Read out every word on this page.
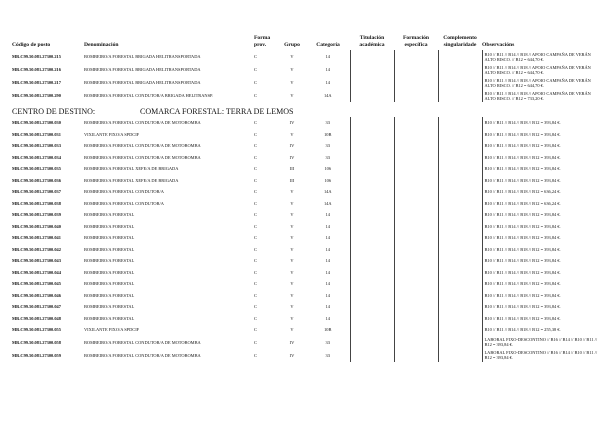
Código de posto	Denominación	Forma prov.	Grupo	Categoría	Titulación académica	Formación específica	Complemento singularidade	Observacións
MR.C99.50.081.27300.215	BOMBEIRO/A FORESTAL BRIGADA HELITRANSPORTADA	C	V	14				B10 // B11 // B14 // B18 // APOIO CAMPAÑA DE VERÁN ALTO RISCO. // B12 = 644,70 €.
MR.C99.50.081.27300.216	BOMBEIRO/A FORESTAL BRIGADA HELITRANSPORTADA	C	V	14				B10 // B11 // B14 // B18 // APOIO CAMPAÑA DE VERÁN ALTO RISCO. // B12 = 644,70 €.
MR.C99.50.081.27300.217	BOMBEIRO/A FORESTAL BRIGADA HELITRANSPORTADA	C	V	14				B10 // B11 // B14 // B18 // APOIO CAMPAÑA DE VERÁN ALTO RISCO. // B12 = 644,70 €.
MR.C99.50.081.27300.290	BOMBEIRO/A FORESTAL CONDUTOR/A BRIGADA HELITRANSP.	C	V	14A				B10 // B11 // B14 // B18 // APOIO CAMPAÑA DE VERÁN ALTO RISCO. // B12 = 733,20 €.
CENTRO DE DESTINO: COMARCA FORESTAL: TERRA DE LEMOS								
MR.C99.50.081.27300.030	BOMBEIRO/A FORESTAL CONDUTOR/A DE MOTOBOMBA	C	IV	33				B10 // B11 // B14 // B18 // B12 = 393,84 €.
MR.C99.50.081.27300.031	VIXILANTE FIXO/A SPDCIF	C	V	10B				B10 // B11 // B14 // B18 // B12 = 393,84 €.
MR.C99.50.081.27300.033	BOMBEIRO/A FORESTAL CONDUTOR/A DE MOTOBOMBA	C	IV	33				B10 // B11 // B14 // B18 // B12 = 393,84 €.
MR.C99.50.081.27300.034	BOMBEIRO/A FORESTAL CONDUTOR/A DE MOTOBOMBA	C	IV	33				B10 // B11 // B14 // B18 // B12 = 393,84 €.
MR.C99.50.081.27300.035	BOMBEIRO/A FORESTAL XEFE/A DE BRIGADA	C	III	106				B10 // B11 // B14 // B18 // B12 = 393,84 €.
MR.C99.50.081.27300.036	BOMBEIRO/A FORESTAL XEFE/A DE BRIGADA	C	III	106				B10 // B11 // B14 // B18 // B12 = 393,84 €.
MR.C99.50.081.27300.037	BOMBEIRO/A FORESTAL CONDUTOR/A	C	V	14A				B10 // B11 // B14 // B18 // B12 = 636,24 €.
MR.C99.50.081.27300.038	BOMBEIRO/A FORESTAL CONDUTOR/A	C	V	14A				B10 // B11 // B14 // B18 // B12 = 636,24 €.
MR.C99.50.081.27300.039	BOMBEIRO/A FORESTAL	C	V	14				B10 // B11 // B14 // B18 // B12 = 393,84 €.
MR.C99.50.081.27300.040	BOMBEIRO/A FORESTAL	C	V	14				B10 // B11 // B14 // B18 // B12 = 393,84 €.
MR.C99.50.081.27300.041	BOMBEIRO/A FORESTAL	C	V	14				B10 // B11 // B14 // B18 // B12 = 393,84 €.
MR.C99.50.081.27300.042	BOMBEIRO/A FORESTAL	C	V	14				B10 // B11 // B14 // B18 // B12 = 393,84 €.
MR.C99.50.081.27300.043	BOMBEIRO/A FORESTAL	C	V	14				B10 // B11 // B14 // B18 // B12 = 393,84 €.
MR.C99.50.081.27300.044	BOMBEIRO/A FORESTAL	C	V	14				B10 // B11 // B14 // B18 // B12 = 393,84 €.
MR.C99.50.081.27300.045	BOMBEIRO/A FORESTAL	C	V	14				B10 // B11 // B14 // B18 // B12 = 393,84 €.
MR.C99.50.081.27300.046	BOMBEIRO/A FORESTAL	C	V	14				B10 // B11 // B14 // B18 // B12 = 393,84 €.
MR.C99.50.081.27300.047	BOMBEIRO/A FORESTAL	C	V	14				B10 // B11 // B14 // B18 // B12 = 393,84 €.
MR.C99.50.081.27300.048	BOMBEIRO/A FORESTAL	C	V	14				B10 // B11 // B14 // B18 // B12 = 393,84 €.
MR.C99.50.081.27300.055	VIXILANTE FIXO/A SPDCIF	C	V	10B				B10 // B11 // B14 // B18 // B12 = 255,38 €.
MR.C99.50.081.27300.058	BOMBEIRO/A FORESTAL CONDUTOR/A DE MOTOBOMBA	C	IV	33				LABORAL FIXO-DESCONTINO // B16 // B14 // B10 // B11 // B12 = 393,84 €.
MR.C99.50.081.27300.059	BOMBEIRO/A FORESTAL CONDUTOR/A DE MOTOBOMBA	C	IV	33				LABORAL FIXO-DESCONTINO // B16 // B14 // B10 // B11 // B12 = 393,84 €.
